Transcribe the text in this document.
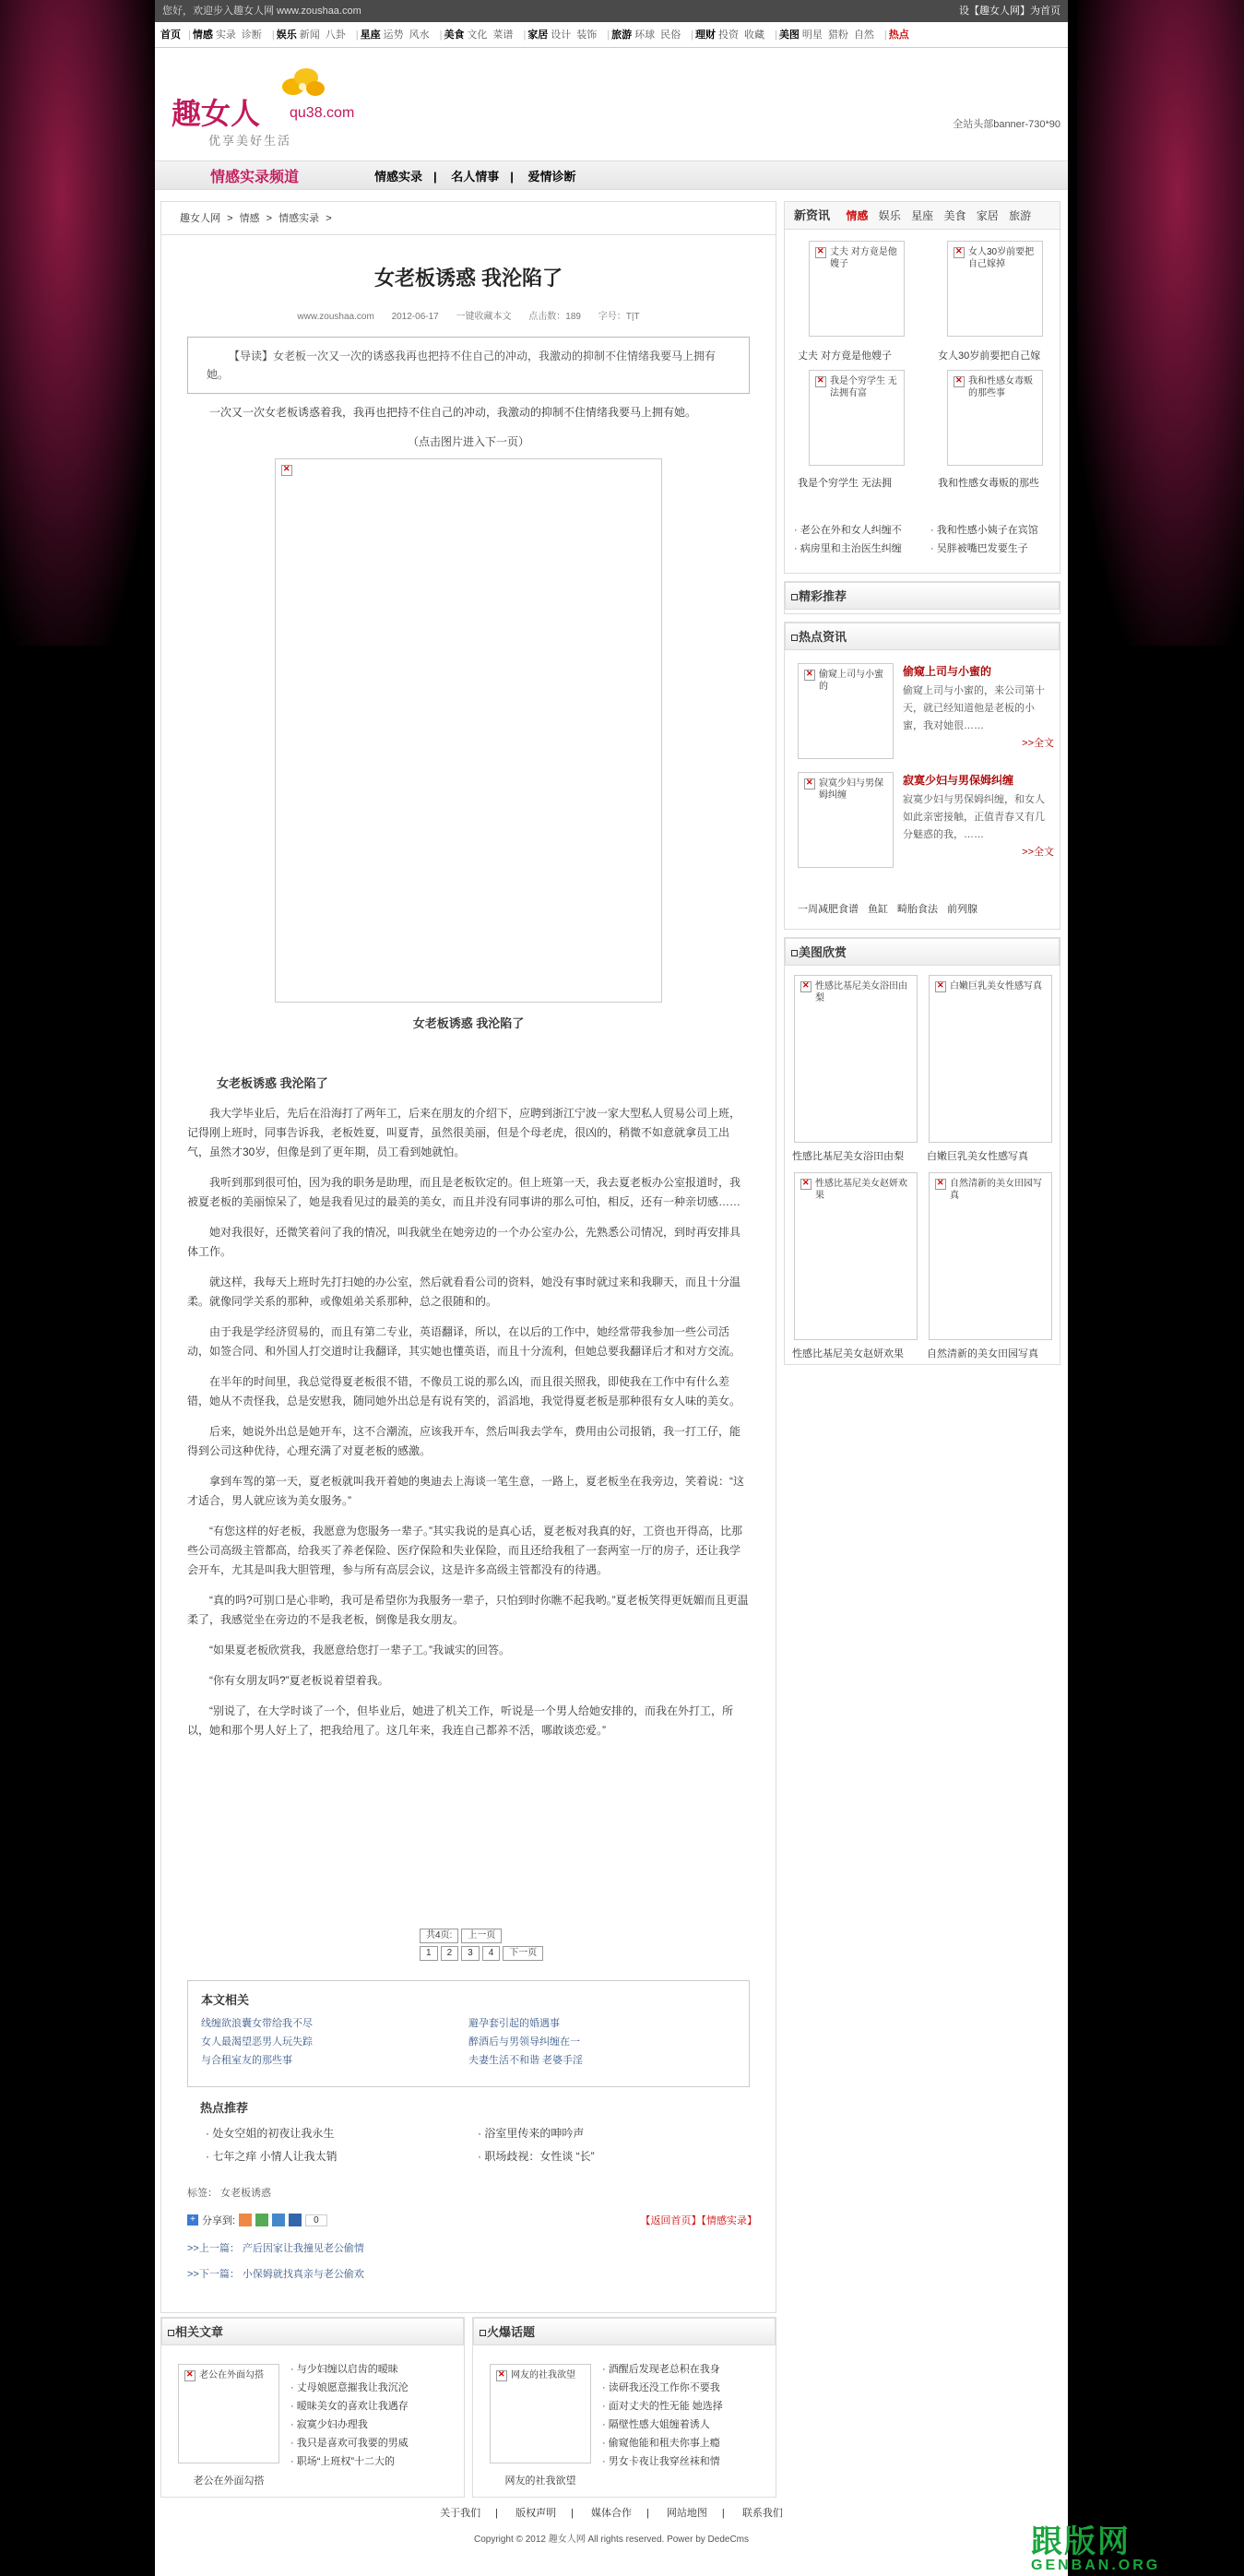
您好，欢迎步入趣女人网 www.zoushaa.com	设【趣女人网】为首页
首页 | 情感 实录 诊断 | 娱乐 新闻 八卦 | 星座 运势 风水 | 美食 文化 菜谱 | 家居 设计 装饰 | 旅游 环球 民俗 | 理财 投资 收藏 | 美图 明星 猎粉 自然 | 热点
趣女人 qu38.com
优享美好生活
全站头部banner-730*90
情感实录频道	情感实录 | 名人情事 | 爱情诊断
趣女人网 > 情感 > 情感实录 >
女老板诱惑 我沦陷了
www.zoushaa.com 2012-06-17 一键收藏本文 点击数：189 字号：T|T
【导读】女老板一次又一次的诱惑我再也把持不住自己的冲动，我激动的抑制不住情绪我要马上拥有她。
一次又一次女老板诱惑着我，我再也把持不住自己的冲动，我激动的抑制不住情绪我要马上拥有她。
（点击图片进入下一页）
✕
女老板诱惑 我沦陷了
女老板诱惑 我沦陷了
我大学毕业后，先后在沿海打了两年工，后来在朋友的介绍下，应聘到浙江宁波一家大型私人贸易公司上班，记得刚上班时，同事告诉我，老板姓夏，叫夏青，虽然很美丽，但是个母老虎，很凶的，稍微不如意就拿员工出气，虽然才30岁，但像是到了更年期，员工看到她就怕。
我听到那到很可怕，因为我的职务是助理，而且是老板钦定的。但上班第一天，我去夏老板办公室报道时，我被夏老板的美丽惊呆了，她是我看见过的最美的美女，而且并没有同事讲的那么可怕，相反，还有一种亲切感……
她对我很好，还微笑着问了我的情况，叫我就坐在她旁边的一个办公室办公，先熟悉公司情况，到时再安排具体工作。
就这样，我每天上班时先打扫她的办公室，然后就看看公司的资料，她没有事时就过来和我聊天，而且十分温柔。就像同学关系的那种，或像姐弟关系那种，总之很随和的。
由于我是学经济贸易的，而且有第二专业，英语翻译，所以，在以后的工作中，她经常带我参加一些公司活动，如签合同、和外国人打交道时让我翻译，其实她也懂英语，而且十分流利，但她总要我翻译后才和对方交流。
在半年的时间里，我总觉得夏老板很不错，不像员工说的那么凶，而且很关照我，即使我在工作中有什么差错，她从不责怪我，总是安慰我，随同她外出总是有说有笑的，滔滔地，我觉得夏老板是那种很有女人味的美女。
后来，她说外出总是她开车，这不合潮流，应该我开车，然后叫我去学车，费用由公司报销，我一打工仔，能得到公司这种优待，心理充满了对夏老板的感激。
拿到车驾的第一天，夏老板就叫我开着她的奥迪去上海谈一笔生意，一路上，夏老板坐在我旁边，笑着说：“这才适合，男人就应该为美女服务。”
“有您这样的好老板，我愿意为您服务一辈子。”其实我说的是真心话，夏老板对我真的好，工资也开得高，比那些公司高级主管都高，给我买了养老保险、医疗保险和失业保险，而且还给我租了一套两室一厅的房子，还让我学会开车，尤其是叫我大胆管理，参与所有高层会议，这是许多高级主管都没有的待遇。
“真的吗?可别口是心非哟，我可是希望你为我服务一辈子，只怕到时你瞧不起我哟。”夏老板笑得更妩媚而且更温柔了，我感觉坐在旁边的不是我老板，倒像是我女朋友。
“如果夏老板欣赏我，我愿意给您打一辈子工。”我诚实的回答。
“你有女朋友吗?”夏老板说着望着我。
“别说了，在大学时谈了一个，但毕业后，她进了机关工作，听说是一个男人给她安排的，而我在外打工，所以，她和那个男人好上了，把我给甩了。这几年来，我连自己都养不活，哪敢谈恋爱。”
共4页:	上一页
1	2	3	4	下一页
本文相关
线缠欲浪囊女带给我不尽	避孕套引起的婚遇事
女人最渴望恶男人玩失踪	醉酒后与男领导纠缠在一
与合租室友的那些事	夫妻生活不和谐 老婆手淫
热点推荐
· 处女空姐的初夜让我永生	· 浴室里传来的呻吟声
· 七年之痒 小情人让我太销	· 职场歧视：女性谈 “长”
标签： 女老板诱惑
+ 分享到:	0	【返回首页】【情感实录】
>>上一篇： 产后因家让我撞见老公偷情
>>下一篇： 小保姆就找真亲与老公偷欢
相关文章
✕
老公在外面勾搭
老公在外面勾搭
· 与少妇缠以启齿的暧昧
· 丈母娘愿意摧我让我沉沦
· 暧昧美女的喜欢让我遇存
· 寂寞少妇办理我
· 我只是喜欢可我要的男威
· 职场“上班权”十二大的
火爆话题
✕
网友的社我欲望
网友的社我欲望
· 酒醒后发现老总积在我身
· 读研我还没工作你不要我
· 面对丈夫的性无能 她选择
· 隔壁性感大姐缠着诱人
· 偷窥他能和租夫你事上瘾
· 男女卡夜让我穿丝袜和情
新资讯 情感 娱乐 星座 美食 家居 旅游
✕
丈夫 对方竟是他嫂子
丈夫 对方竟是他嫂子
✕
女人30岁前要把自己嫁掉
女人30岁前要把自己嫁
✕
我是个穷学生 无法拥有富
我是个穷学生 无法拥
✕
我和性感女毒贩的那些事
我和性感女毒贩的那些
· 老公在外和女人纠缠不
· 病房里和主治医生纠缠
· 我和性感小姨子在宾馆
· 吴胖被嘴巴发要生子
精彩推荐
热点资讯
✕
偷窥上司与小蜜的
偷窥上司与小蜜的
偷窥上司与小蜜的，来公司第十天，就已经知道他是老板的小蜜，我对她很……
>>全文
✕
寂寞少妇与男保姆纠缠
寂寞少妇与男保姆纠缠
寂寞少妇与男保姆纠缠，和女人如此亲密接触，正值青春又有几分魅惑的我，……
>>全文
一周减肥食谱 鱼缸 畸胎食法 前列腺
美图欣赏
✕
性感比基尼美女浴田由梨
性感比基尼美女浴田由梨
✕
白嫩巨乳美女性感写真
白嫩巨乳美女性感写真
✕
性感比基尼美女赵妍欢果
性感比基尼美女赵妍欢果
✕
自然清新的美女田园写真
自然清新的美女田园写真
关于我们 | 版权声明 | 媒体合作 | 网站地图 | 联系我们
Copyright © 2012 趣女人网 All rights reserved. Power by DedeCms	跟版网
GENBAN.ORG
